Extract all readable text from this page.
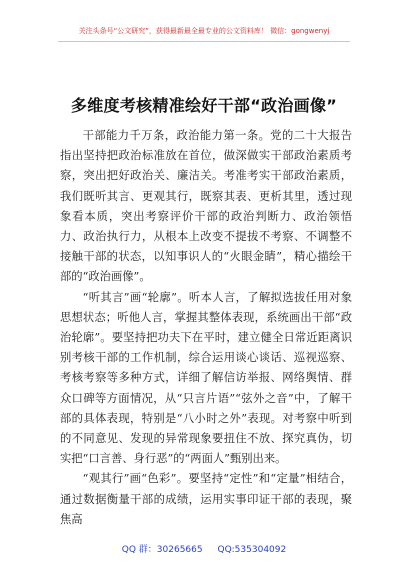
关注头条号“公文研究”，获得最新最全最专业的公文资料库！ 微信：gongwenyj
多维度考核精准绘好干部“政治画像”

干部能力千万条，政治能力第一条。党的二十大报告指出坚持把政治标准放在首位，做深做实干部政治素质考察，突出把好政治关、廉洁关。考准考实干部政治素质，我们既听其言、更观其行，既察其表、更析其里，透过现象看本质，突出考察评价干部的政治判断力、政治领悟力、政治执行力，从根本上改变不提拔不考察、不调整不接触干部的状态，以知事识人的“火眼金睛”，精心描绘干部的“政治画像”。

“听其言”画“轮廓”。听本人言，了解拟选拔任用对象思想状态；听他人言，掌握其整体表现，系统画出干部“政治轮廓”。要坚持把功夫下在平时，建立健全日常近距离识别考核干部的工作机制，综合运用谈心谈话、巡视巡察、考核考察等多种方式，详细了解信访举报、网络舆情、群众口碑等方面情况，从“只言片语”“弦外之音”中，了解干部的具体表现，特别是“八小时之外”表现。对考察中听到的不同意见、发现的异常现象要扭住不放、探究真伪，切实把“口言善、身行恶”的“两面人”甄别出来。

“观其行”画“色彩”。要坚持“定性”和“定量”相结合，通过数据衡量干部的成绩，运用实事印证干部的表现，聚焦高

QQ 群：30265665 QQ:535304092
